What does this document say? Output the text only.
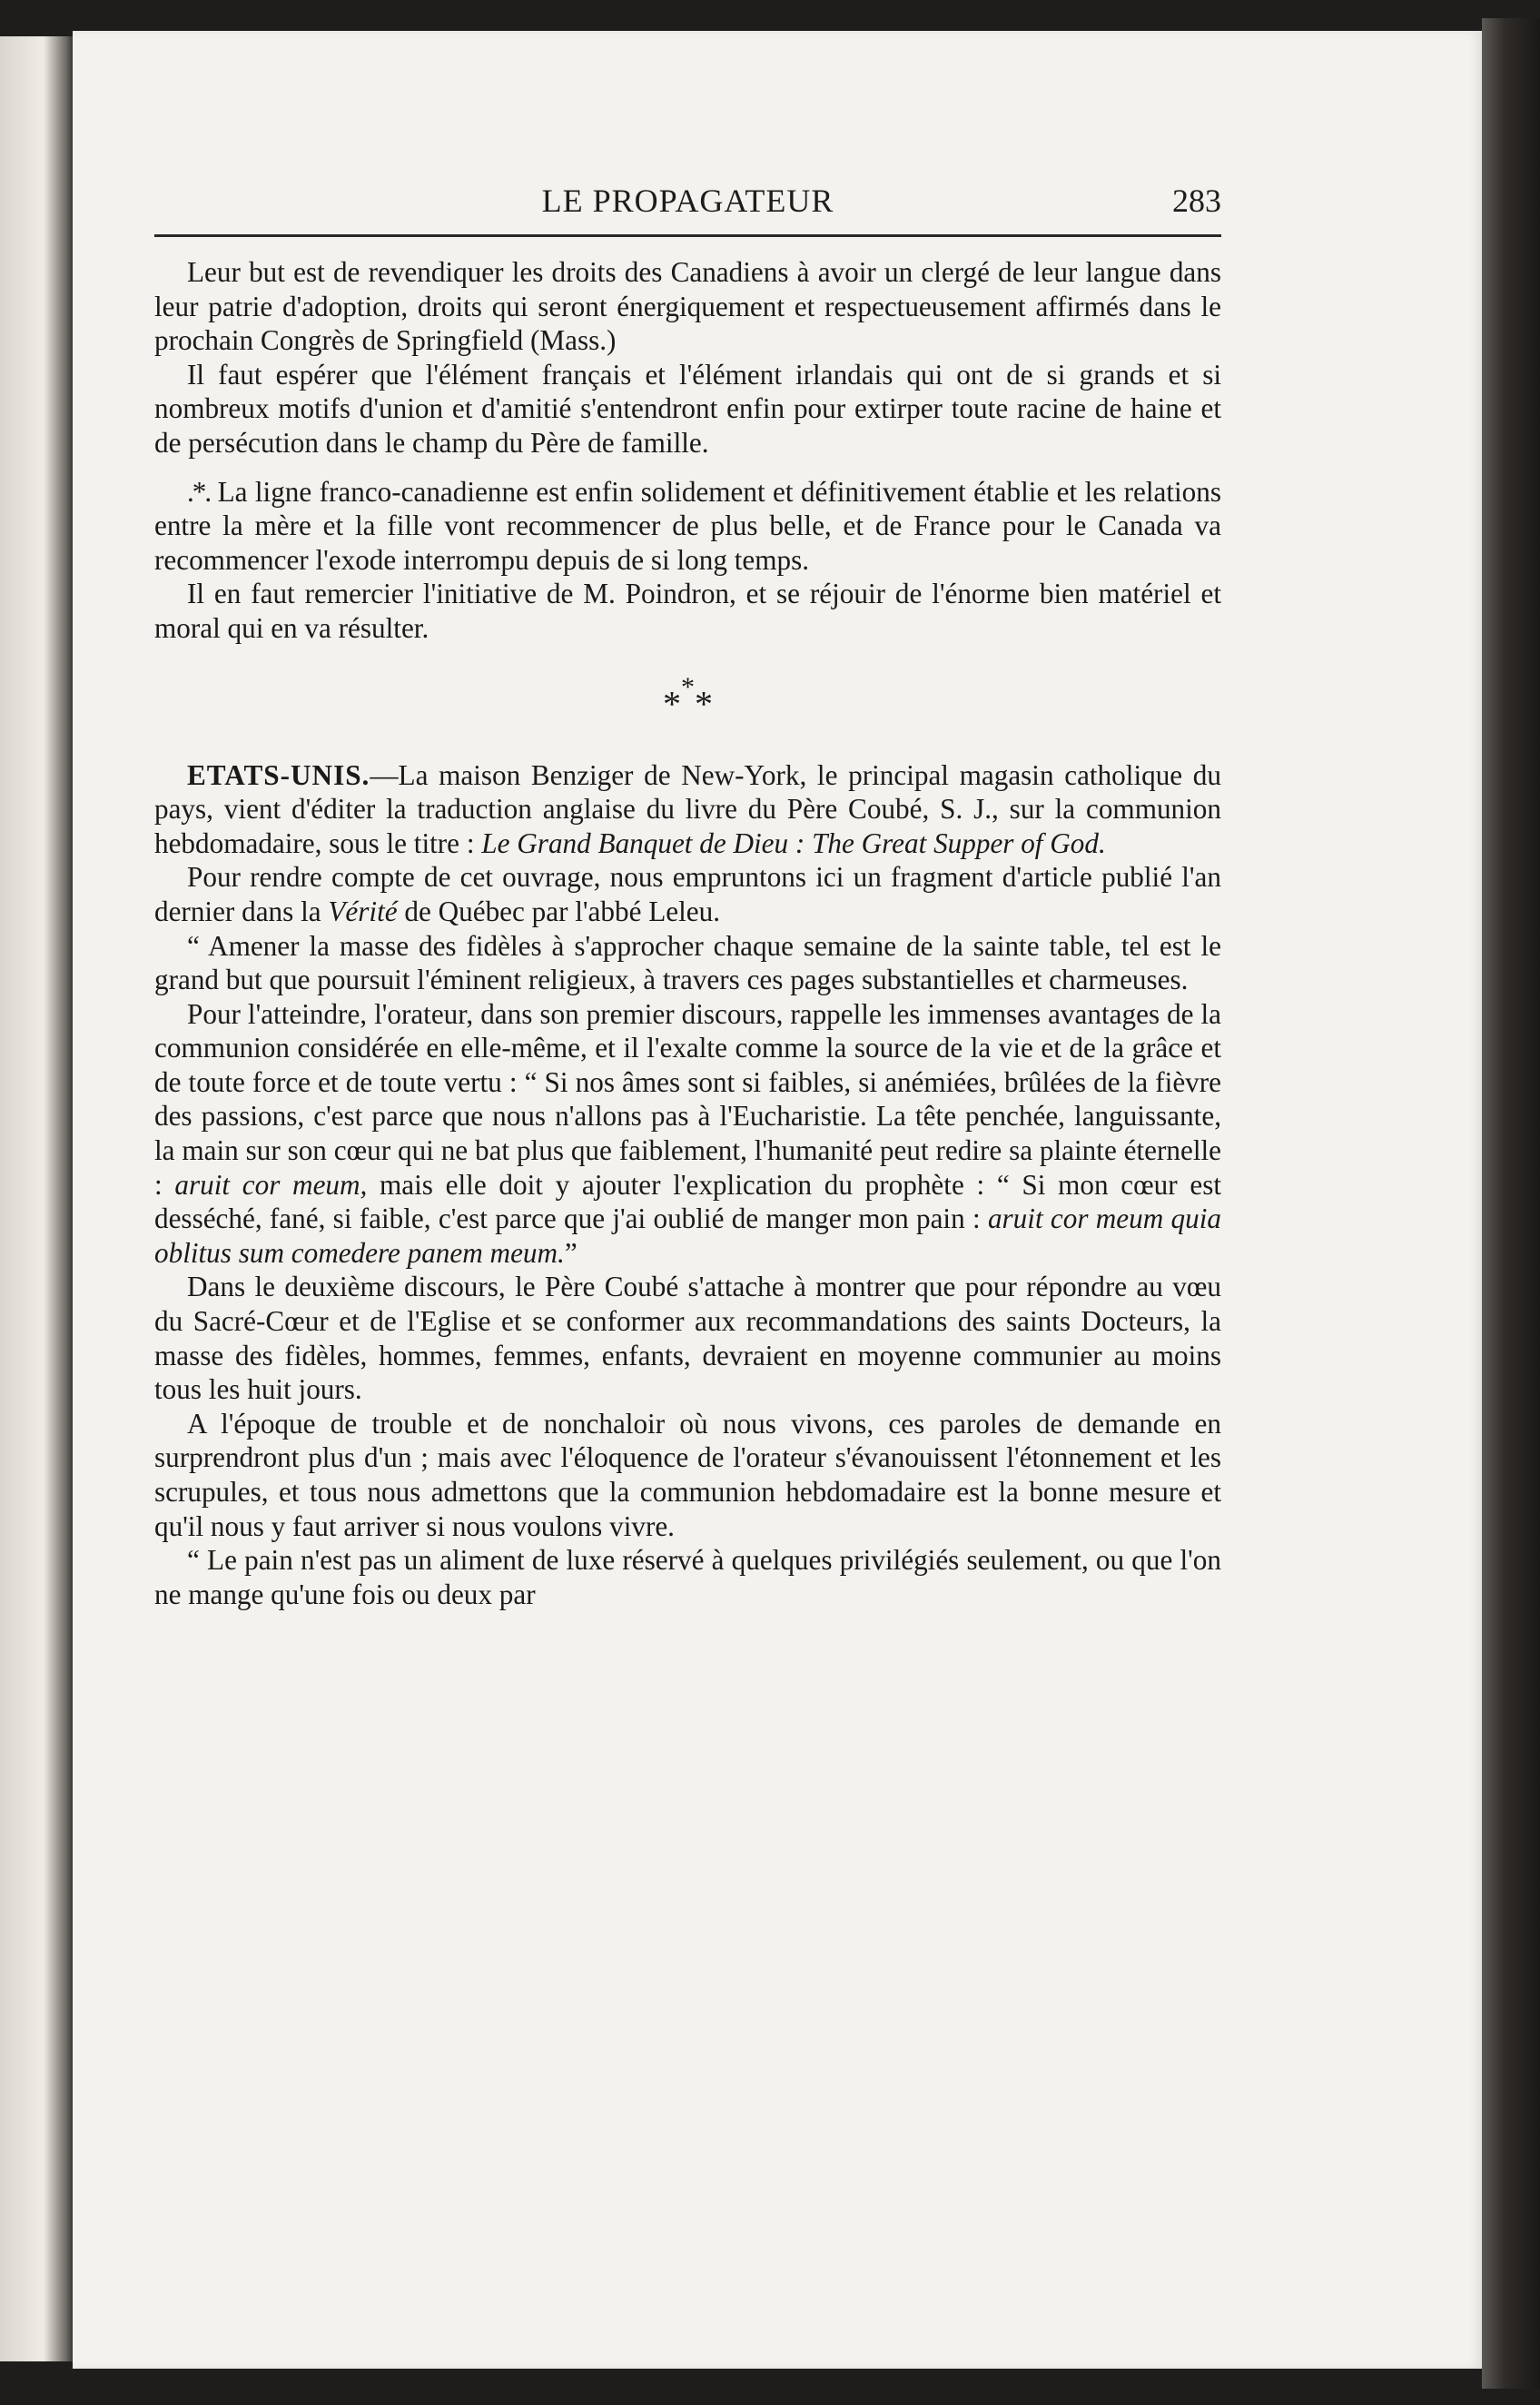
LE PROPAGATEUR	283

Leur but est de revendiquer les droits des Canadiens à avoir un clergé de leur langue dans leur patrie d'adoption, droits qui seront énergiquement et respectueusement affirmés dans le prochain Congrès de Springfield (Mass.)

Il faut espérer que l'élément français et l'élément irlandais qui ont de si grands et si nombreux motifs d'union et d'amitié s'entendront enfin pour extirper toute racine de haine et de persécution dans le champ du Père de famille.

.*. La ligne franco-canadienne est enfin solidement et définitivement établie et les relations entre la mère et la fille vont recommencer de plus belle, et de France pour le Canada va recommencer l'exode interrompu depuis de si long temps.

Il en faut remercier l'initiative de M. Poindron, et se réjouir de l'énorme bien matériel et moral qui en va résulter.

***

ETATS-UNIS.—La maison Benziger de New-York, le principal magasin catholique du pays, vient d'éditer la traduction anglaise du livre du Père Coubé, S. J., sur la communion hebdomadaire, sous le titre : Le Grand Banquet de Dieu : The Great Supper of God.

Pour rendre compte de cet ouvrage, nous empruntons ici un fragment d'article publié l'an dernier dans la Vérité de Québec par l'abbé Leleu.

“ Amener la masse des fidèles à s'approcher chaque semaine de la sainte table, tel est le grand but que poursuit l'éminent religieux, à travers ces pages substantielles et charmeuses.

Pour l'atteindre, l'orateur, dans son premier discours, rappelle les immenses avantages de la communion considérée en elle-même, et il l'exalte comme la source de la vie et de la grâce et de toute force et de toute vertu : “ Si nos âmes sont si faibles, si anémiées, brûlées de la fièvre des passions, c'est parce que nous n'allons pas à l'Eucharistie. La tête penchée, languissante, la main sur son cœur qui ne bat plus que faiblement, l'humanité peut redire sa plainte éternelle : aruit cor meum, mais elle doit y ajouter l'explication du prophète : “ Si mon cœur est desséché, fané, si faible, c'est parce que j'ai oublié de manger mon pain : aruit cor meum quia oblitus sum comedere panem meum.”

Dans le deuxième discours, le Père Coubé s'attache à montrer que pour répondre au vœu du Sacré-Cœur et de l'Eglise et se conformer aux recommandations des saints Docteurs, la masse des fidèles, hommes, femmes, enfants, devraient en moyenne communier au moins tous les huit jours.

A l'époque de trouble et de nonchaloir où nous vivons, ces paroles de demande en surprendront plus d'un ; mais avec l'éloquence de l'orateur s'évanouissent l'étonnement et les scrupules, et tous nous admettons que la communion hebdomadaire est la bonne mesure et qu'il nous y faut arriver si nous voulons vivre.

“ Le pain n'est pas un aliment de luxe réservé à quelques privilégiés seulement, ou que l'on ne mange qu'une fois ou deux par
